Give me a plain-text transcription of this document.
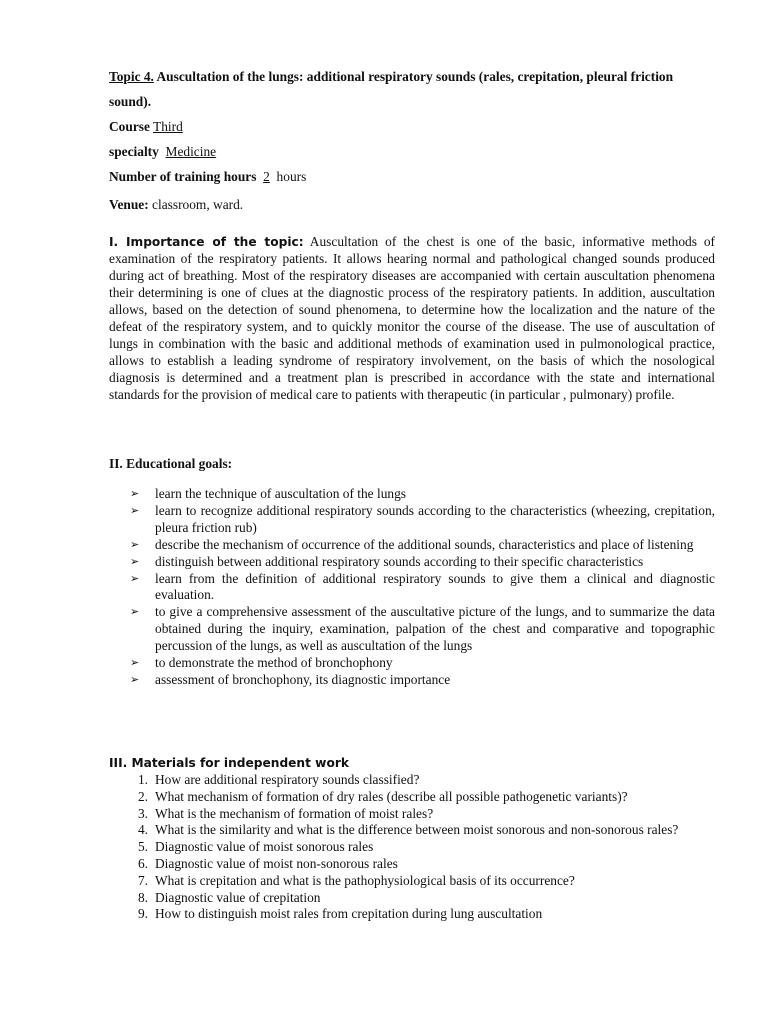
Topic 4. Auscultation of the lungs: additional respiratory sounds (rales, crepitation, pleural friction sound).
Course Third
specialty Medicine
Number of training hours 2 hours
Venue: classroom, ward.
I. Importance of the topic: Auscultation of the chest is one of the basic, informative methods of examination of the respiratory patients. It allows hearing normal and pathological changed sounds produced during act of breathing. Most of the respiratory diseases are accompanied with certain auscultation phenomena their determining is one of clues at the diagnostic process of the respiratory patients. In addition, auscultation allows, based on the detection of sound phenomena, to determine how the localization and the nature of the defeat of the respiratory system, and to quickly monitor the course of the disease. The use of auscultation of lungs in combination with the basic and additional methods of examination used in pulmonological practice, allows to establish a leading syndrome of respiratory involvement, on the basis of which the nosological diagnosis is determined and a treatment plan is prescribed in accordance with the state and international standards for the provision of medical care to patients with therapeutic (in particular , pulmonary) profile.
II. Educational goals:
➢ learn the technique of auscultation of the lungs
➢ learn to recognize additional respiratory sounds according to the characteristics (wheezing, crepitation, pleura friction rub)
➢ describe the mechanism of occurrence of the additional sounds, characteristics and place of listening
➢ distinguish between additional respiratory sounds according to their specific characteristics
➢ learn from the definition of additional respiratory sounds to give them a clinical and diagnostic evaluation.
➢ to give a comprehensive assessment of the auscultative picture of the lungs, and to summarize the data obtained during the inquiry, examination, palpation of the chest and comparative and topographic percussion of the lungs, as well as auscultation of the lungs
➢ to demonstrate the method of bronchophony
➢ assessment of bronchophony, its diagnostic importance
III. Materials for independent work
1. How are additional respiratory sounds classified?
2. What mechanism of formation of dry rales (describe all possible pathogenetic variants)?
3. What is the mechanism of formation of moist rales?
4. What is the similarity and what is the difference between moist sonorous and non-sonorous rales?
5. Diagnostic value of moist sonorous rales
6. Diagnostic value of moist non-sonorous rales
7. What is crepitation and what is the pathophysiological basis of its occurrence?
8. Diagnostic value of crepitation
9. How to distinguish moist rales from crepitation during lung auscultation
